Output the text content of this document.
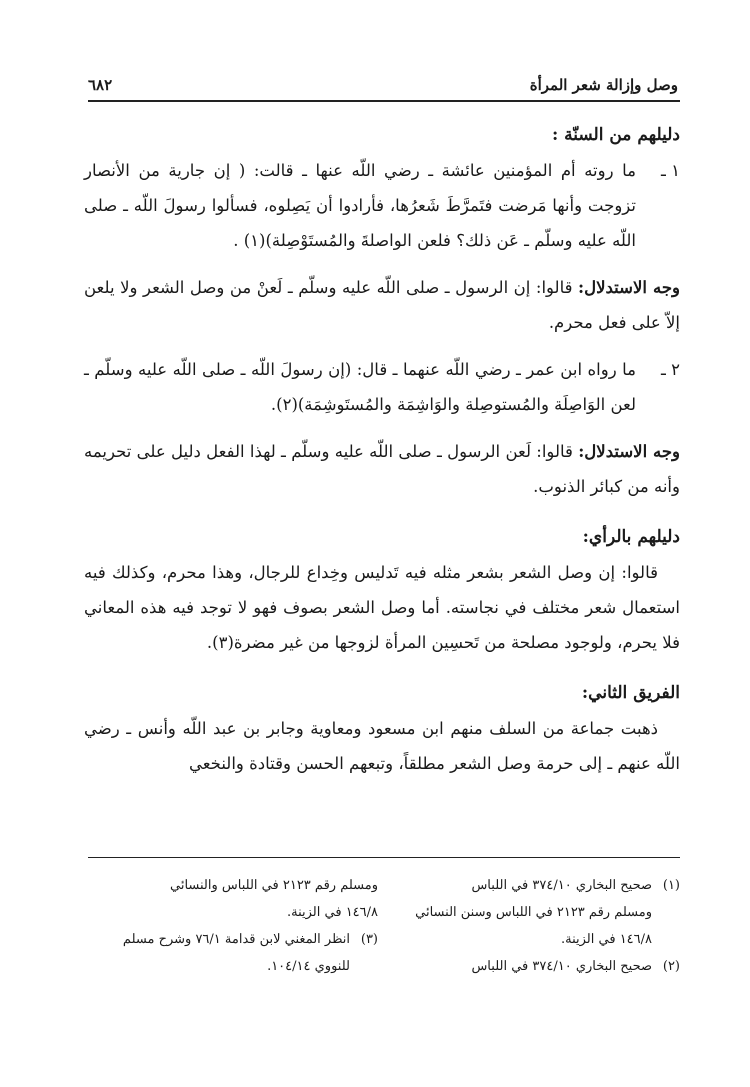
وصل وإزالة شعر المرأة
٦٨٢

دليلهم من السنّة :

١ ـ
ما روته أم المؤمنين عائشة ـ رضي اللّه عنها ـ قالت: ( إن جارية من الأنصار تزوجت وأنها مَرضت فتَمرَّطَ شَعرُها، فأرادوا أن يَصِلوه، فسألوا رسولَ اللّه ـ صلى اللّه عليه وسلّم ـ عَن ذلك؟ فلعن الواصلةَ والمُستَوْصِلة)(١) .

وجه الاستدلال: قالوا: إن الرسول ـ صلى اللّه عليه وسلّم ـ لَعنْ من وصل الشعر ولا يلعن إلاّ على فعل محرم.

٢ ـ
ما رواه ابن عمر ـ رضي اللّه عنهما ـ قال: (إن رسولَ اللّه ـ صلى اللّه عليه وسلّم ـ لعن الوَاصِلَة والمُستوصِلة والوَاشِمَة والمُستَوشِمَة)(٢).

وجه الاستدلال: قالوا: لَعن الرسول ـ صلى اللّه عليه وسلّم ـ لهذا الفعل دليل على تحريمه وأنه من كبائر الذنوب.

دليلهم بالرأي:

قالوا: إن وصل الشعر بشعر مثله فيه تَدليس وخِداع للرجال، وهذا محرم، وكذلك فيه استعمال شعر مختلف في نجاسته. أما وصل الشعر بصوف فهو لا توجد فيه هذه المعاني فلا يحرم، ولوجود مصلحة من تَحسِين المرأة لزوجها من غير مضرة(٣).

الفريق الثاني:

ذهبت جماعة من السلف منهم ابن مسعود ومعاوية وجابر بن عبد اللّه وأنس ـ رضي اللّه عنهم ـ إلى حرمة وصل الشعر مطلقاً، وتبعهم الحسن وقتادة والنخعي

(١)
صحيح البخاري ٣٧٤/١٠ في اللباس
ومسلم رقم ٢١٢٣ في اللباس وسنن النسائي
١٤٦/٨ في الزينة.
(٢)
صحيح البخاري ٣٧٤/١٠ في اللباس
ومسلم رقم ٢١٢٣ في اللباس والنسائي
١٤٦/٨ في الزينة.
(٣)
انظر المغني لابن قدامة ٧٦/١ وشرح مسلم
للنووي ١٠٤/١٤.
